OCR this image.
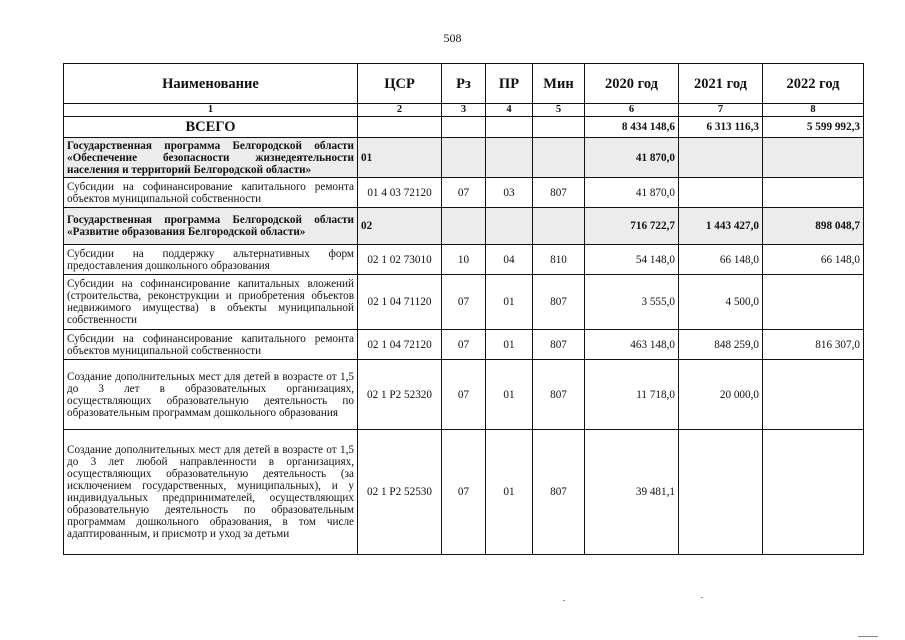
508
Наименование	ЦСР	Рз	ПР	Мин	2020 год	2021 год	2022 год
1	2	3	4	5	6	7	8
ВСЕГО					8 434 148,6	6 313 116,3	5 599 992,3
Государственная программа Белгородской области «Обеспечение безопасности жизнедеятельности населения и территорий Белгородской области»	01				41 870,0		
Субсидии на софинансирование капитального ремонта объектов муниципальной собственности	01 4 03 72120	07	03	807	41 870,0		
Государственная программа Белгородской области «Развитие образования Белгородской области»	02				716 722,7	1 443 427,0	898 048,7
Субсидии на поддержку альтернативных форм предоставления дошкольного образования	02 1 02 73010	10	04	810	54 148,0	66 148,0	66 148,0
Субсидии на софинансирование капитальных вложений (строительства, реконструкции и приобретения объектов недвижимого имущества) в объекты муниципальной собственности	02 1 04 71120	07	01	807	3 555,0	4 500,0	
Субсидии на софинансирование капитального ремонта объектов муниципальной собственности	02 1 04 72120	07	01	807	463 148,0	848 259,0	816 307,0
Создание дополнительных мест для детей в возрасте от 1,5 до 3 лет в образовательных организациях, осуществляющих образовательную деятельность по образовательным программам дошкольного образования	02 1 P2 52320	07	01	807	11 718,0	20 000,0	
Создание дополнительных мест для детей в возрасте от 1,5 до 3 лет любой направленности в организациях, осуществляющих образовательную деятельность (за исключением государственных, муниципальных), и у индивидуальных предпринимателей, осуществляющих образовательную деятельность по образовательным программам дошкольного образования, в том числе адаптированным, и присмотр и уход за детьми	02 1 P2 52530	07	01	807	39 481,1		
